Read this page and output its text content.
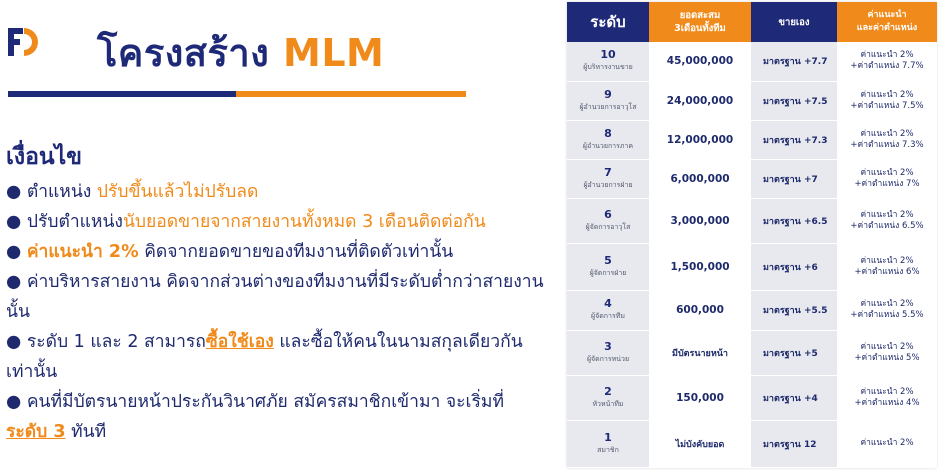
โครงสร้าง MLM
เงื่อนไข

● ตำแหน่ง ปรับขึ้นแล้วไม่ปรับลด

● ปรับตำแหน่งนับยอดขายจากสายงานทั้งหมด 3 เดือนติดต่อกัน

● ค่าแนะนำ 2% คิดจากยอดขายของทีมงานที่ติดตัวเท่านั้น

● ค่าบริหารสายงาน คิดจากส่วนต่างของทีมงานที่มีระดับต่ำกว่าสายงานนั้น

● ระดับ 1 และ 2 สามารถซื้อใช้เอง และซื้อให้คนในนามสกุลเดียวกันเท่านั้น

● คนที่มีบัตรนายหน้าประกันวินาศภัย สมัครสมาชิกเข้ามา จะเริ่มที่ ระดับ 3 ทันที

ระดับ	ยอดสะสม
3เดือนทั้งทีม	ขายเอง	ค่าแนะนำ
และค่าตำแหน่ง

10
ผู้บริหารงานขาย	45,000,000	มาตรฐาน +7.7	ค่าแนะนำ 2%
+ค่าตำแหน่ง 7.7%

9
ผู้อำนวยการอาวุโส	24,000,000	มาตรฐาน +7.5	ค่าแนะนำ 2%
+ค่าตำแหน่ง 7.5%

8
ผู้อำนวยการภาค	12,000,000	มาตรฐาน +7.3	ค่าแนะนำ 2%
+ค่าตำแหน่ง 7.3%

7
ผู้อำนวยการฝ่าย	6,000,000	มาตรฐาน +7	ค่าแนะนำ 2%
+ค่าตำแหน่ง 7%

6
ผู้จัดการอาวุโส	3,000,000	มาตรฐาน +6.5	ค่าแนะนำ 2%
+ค่าตำแหน่ง 6.5%

5
ผู้จัดการฝ่าย	1,500,000	มาตรฐาน +6	ค่าแนะนำ 2%
+ค่าตำแหน่ง 6%

4
ผู้จัดการทีม	600,000	มาตรฐาน +5.5	ค่าแนะนำ 2%
+ค่าตำแหน่ง 5.5%

3
ผู้จัดการหน่วย	มีบัตรนายหน้า	มาตรฐาน +5	ค่าแนะนำ 2%
+ค่าตำแหน่ง 5%

2
หัวหน้าทีม	150,000	มาตรฐาน +4	ค่าแนะนำ 2%
+ค่าตำแหน่ง 4%

1
สมาชิก	ไม่บังคับยอด	มาตรฐาน 12	ค่าแนะนำ 2%
